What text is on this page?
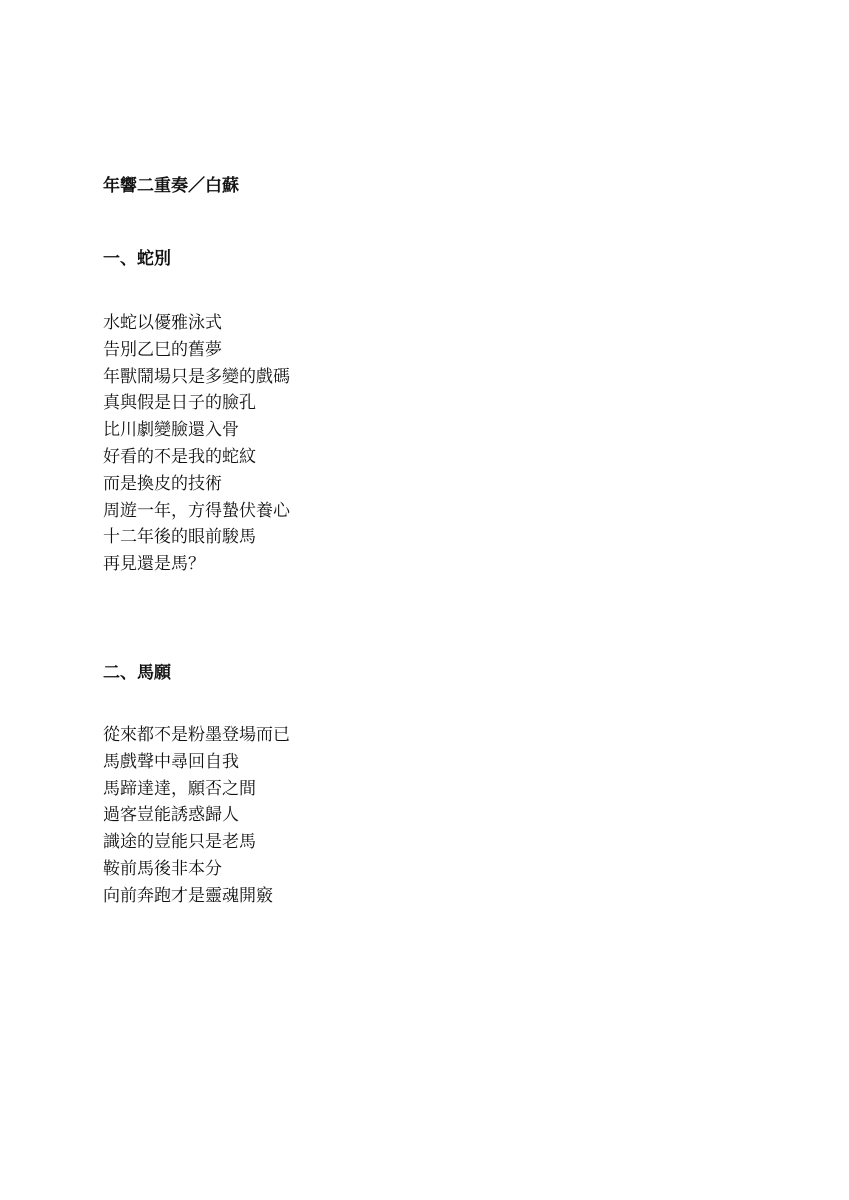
年響二重奏／白蘇
一、蛇別
水蛇以優雅泳式
告別乙巳的舊夢
年獸鬧場只是多變的戲碼
真與假是日子的臉孔
比川劇變臉還入骨
好看的不是我的蛇紋
而是換皮的技術
周遊一年，方得蟄伏養心
十二年後的眼前駿馬
再見還是馬？
二、馬願
從來都不是粉墨登場而已
馬戲聲中尋回自我
馬蹄達達，願否之間
過客豈能誘惑歸人
識途的豈能只是老馬
鞍前馬後非本分
向前奔跑才是靈魂開竅
